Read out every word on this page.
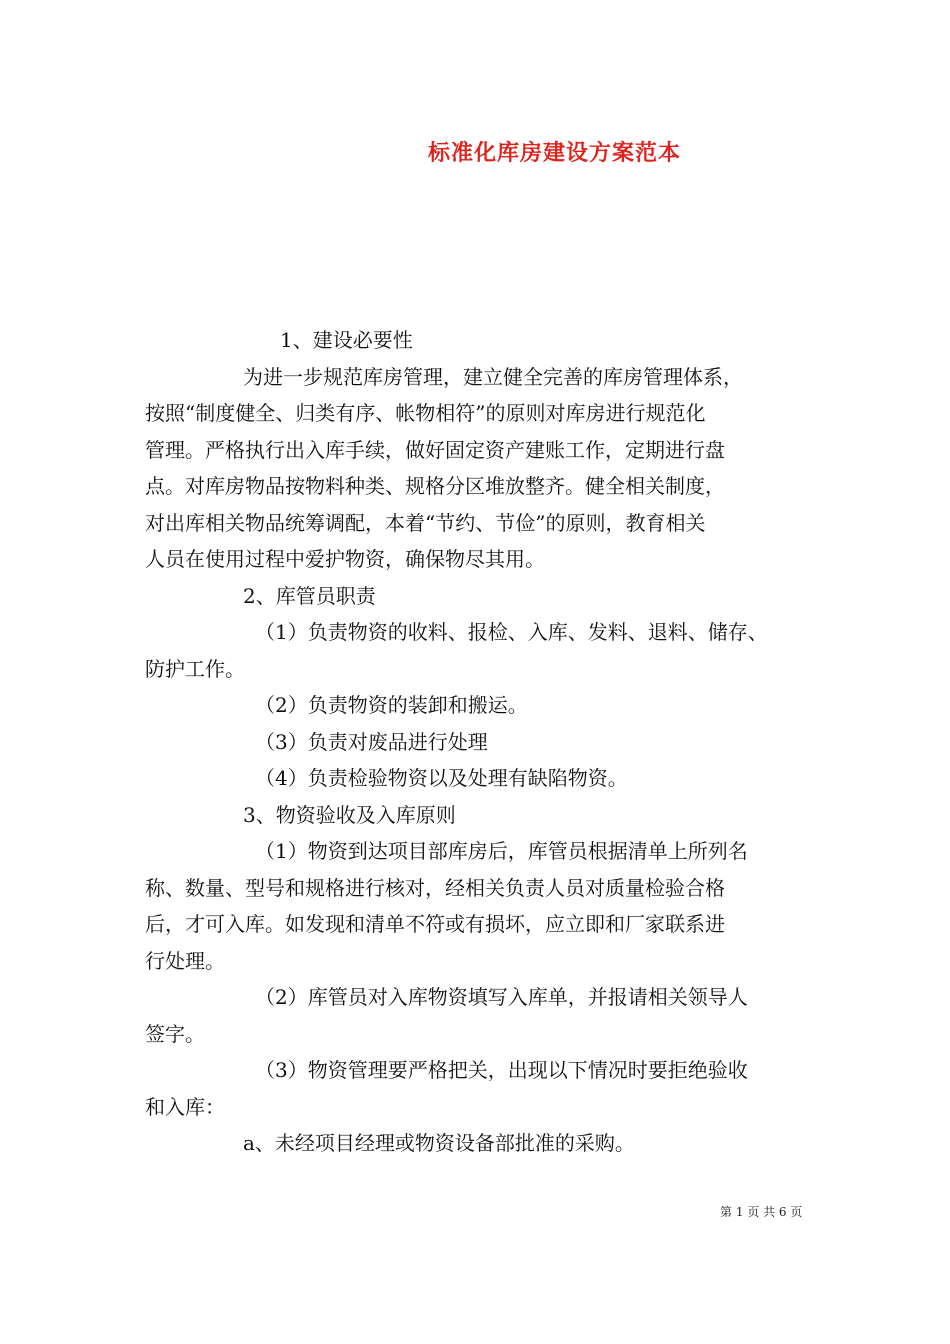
标准化库房建设方案范本
1、建设必要性
为进一步规范库房管理，建立健全完善的库房管理体系，
按照“制度健全、归类有序、帐物相符”的原则对库房进行规范化
管理。严格执行出入库手续，做好固定资产建账工作，定期进行盘
点。对库房物品按物料种类、规格分区堆放整齐。健全相关制度，
对出库相关物品统筹调配，本着“节约、节俭”的原则，教育相关
人员在使用过程中爱护物资，确保物尽其用。
2、库管员职责
（1）负责物资的收料、报检、入库、发料、退料、储存、
防护工作。
（2）负责物资的装卸和搬运。
（3）负责对废品进行处理
（4）负责检验物资以及处理有缺陷物资。
3、物资验收及入库原则
（1）物资到达项目部库房后，库管员根据清单上所列名
称、数量、型号和规格进行核对，经相关负责人员对质量检验合格
后，才可入库。如发现和清单不符或有损坏，应立即和厂家联系进
行处理。
（2）库管员对入库物资填写入库单，并报请相关领导人
签字。
（3）物资管理要严格把关，出现以下情况时要拒绝验收
和入库：
a、未经项目经理或物资设备部批准的采购。
第 1 页 共 6 页
